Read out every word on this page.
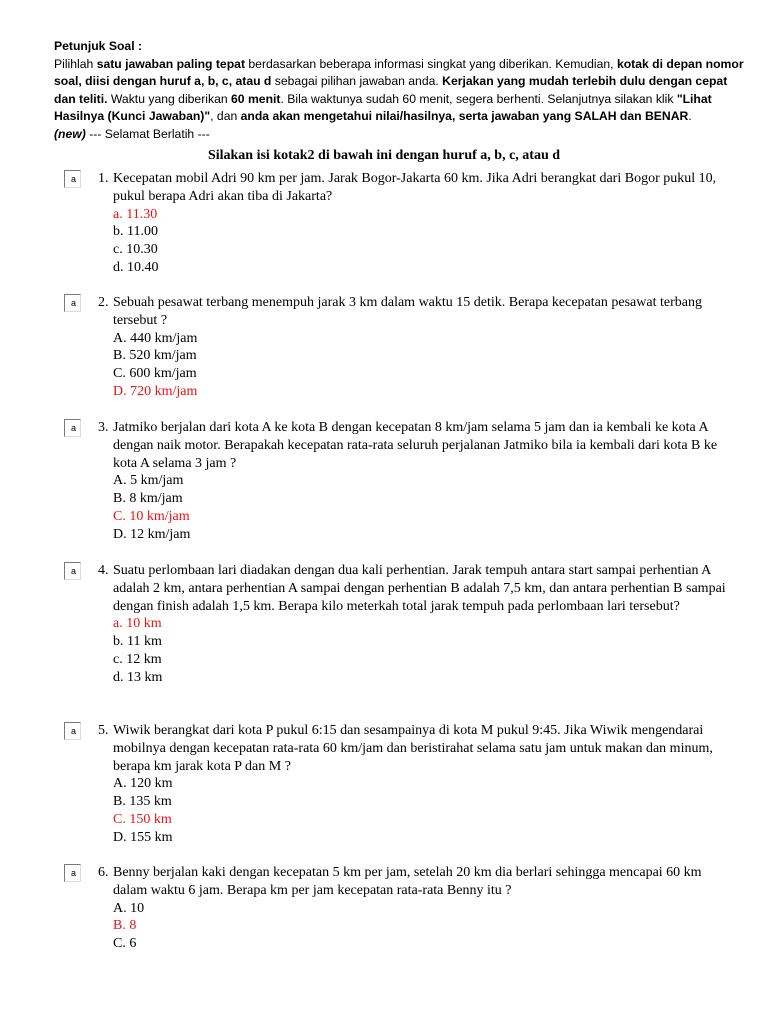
Petunjuk Soal :

Pilihlah satu jawaban paling tepat berdasarkan beberapa informasi singkat yang diberikan. Kemudian, kotak di depan nomor soal, diisi dengan huruf a, b, c, atau d sebagai pilihan jawaban anda. Kerjakan yang mudah terlebih dulu dengan cepat dan teliti. Waktu yang diberikan 60 menit. Bila waktunya sudah 60 menit, segera berhenti. Selanjutnya silakan klik "Lihat Hasilnya (Kunci Jawaban)", dan anda akan mengetahui nilai/hasilnya, serta jawaban yang SALAH dan BENAR.
(new) --- Selamat Berlatih ---

Silakan isi kotak2 di bawah ini dengan huruf a, b, c, atau d
a	1. Kecepatan mobil Adri 90 km per jam. Jarak Bogor-Jakarta 60 km. Jika Adri berangkat dari Bogor pukul 10, pukul berapa Adri akan tiba di Jakarta?
a. 11.30
b. 11.00
c. 10.30
d. 10.40
a	2. Sebuah pesawat terbang menempuh jarak 3 km dalam waktu 15 detik. Berapa kecepatan pesawat terbang tersebut ?
A. 440 km/jam
B. 520 km/jam
C. 600 km/jam
D. 720 km/jam
a	3. Jatmiko berjalan dari kota A ke kota B dengan kecepatan 8 km/jam selama 5 jam dan ia kembali ke kota A dengan naik motor. Berapakah kecepatan rata-rata seluruh perjalanan Jatmiko bila ia kembali dari kota B ke kota A selama 3 jam ?
A. 5 km/jam
B. 8 km/jam
C. 10 km/jam
D. 12 km/jam
a	4. Suatu perlombaan lari diadakan dengan dua kali perhentian. Jarak tempuh antara start sampai perhentian A adalah 2 km, antara perhentian A sampai dengan perhentian B adalah 7,5 km, dan antara perhentian B sampai dengan finish adalah 1,5 km. Berapa kilo meterkah total jarak tempuh pada perlombaan lari tersebut?
a. 10 km
b. 11 km
c. 12 km
d. 13 km
a	5. Wiwik berangkat dari kota P pukul 6:15 dan sesampainya di kota M pukul 9:45. Jika Wiwik mengendarai mobilnya dengan kecepatan rata-rata 60 km/jam dan beristirahat selama satu jam untuk makan dan minum, berapa km jarak kota P dan M ?
A. 120 km
B. 135 km
C. 150 km
D. 155 km
a	6. Benny berjalan kaki dengan kecepatan 5 km per jam, setelah 20 km dia berlari sehingga mencapai 60 km dalam waktu 6 jam. Berapa km per jam kecepatan rata-rata Benny itu ?
A. 10
B. 8
C. 6
